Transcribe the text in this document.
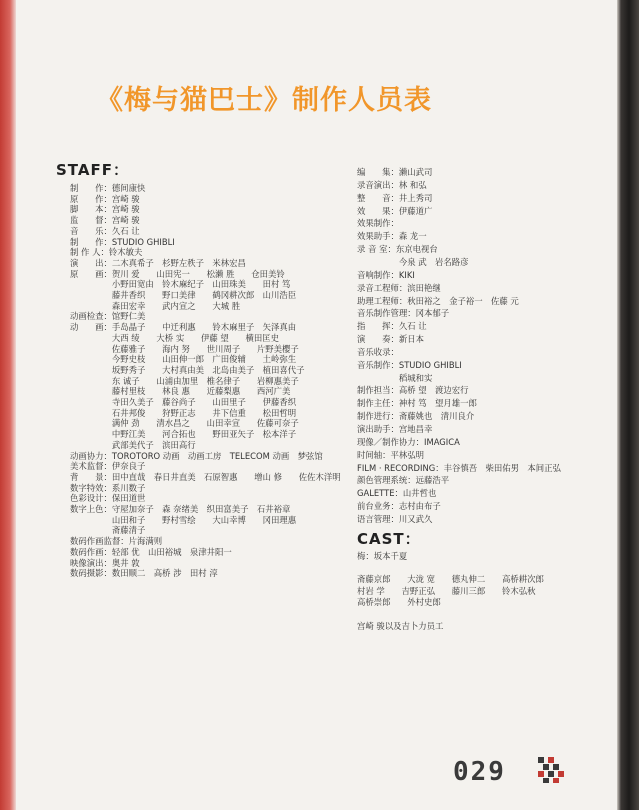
《梅与猫巴士》制作人员表
STAFF：
制　　作：德间康快
原　　作：宫崎 骏
脚　　本：宫崎 骏
监　　督：宫崎 骏
音　　乐：久石 让
制　　作：STUDIO GHIBLI
制 作 人：铃木敏夫
演　　出：二木真希子　杉野左秩子　米林宏昌
原　　画：贺川 爱　　山田宪一　　松濑 胜　　仓田美铃
　　　　　小野田宽由　铃木麻纪子　山田珠美　　田村 笃
　　　　　藤井香织　　野口美律　　鹤冈耕次郎　山川浩臣
　　　　　森田宏幸　　武内宣之　　大城 胜
动画检查：馆野仁美
动　　画：手岛晶子　　中迁利惠　　铃木麻里子　矢泽真由
　　　　　大西 绫　　大桥 实　　伊藤 望　　横田匡史
　　　　　佐藤雅子　　海内 努　　世川周子　　片野美樱子
　　　　　今野史枝　　山田伸一郎　广田俊辅　　土岭弥生
　　　　　坂野秀子　　大村真由美　北岛由美子　植田喜代子
　　　　　东 诚子　　山浦由加里　椎名律子　　岩柳惠美子
　　　　　藤村里枝　　林良 惠　　近藤梨惠　　西河广美
　　　　　寺田久美子　藤谷尚子　　山田里子　　伊藤香织
　　　　　石井邦俊　　狩野正志　　井下信重　　松田哲明
　　　　　满仲 劲　　清水昌之　　山田幸宣　　佐藤可奈子
　　　　　中野江美　　河合拓也　　野田亚矢子　松本洋子
　　　　　武部美代子　滨田高行
动画协力：TOROTORO 动画　动画工房　TELECOM 动画　梦弦馆
美术监督：伊奈良子
背　　景：田中直哉　春日井直美　石原智惠　　增山 修　　佐佐木洋明
数字特效：系川数子
色彩设计：保田道世
数字上色：守屋加奈子　森 奈绪美　织田富美子　石井裕章
　　　　　山田和子　　野村雪绘　　大山幸博　　冈田理惠
　　　　　斋藤清子
数码作画监督：片海满则
数码作画：轻部 优　山田裕城　泉津井阳一
映像演出：奥井 敦
数码摄影：数田顺二　高桥 涉　田村 淳
编　　集：濑山武司
录音演出：林 和弘
整　　音：井上秀司
效　　果：伊藤道广
效果制作：
效果助手：森 龙一
录 音 室：东京电视台
　　　　　今泉 武　岩名路彦
音响制作：KIKI
录音工程师：滨田艳继
助理工程师：秋田裕之　金子裕一　佐藤 元
音乐制作管理：冈本郁子
指　　挥：久石 让
演　　奏：新日本
音乐收录：
音乐制作：STUDIO GHIBLI
　　　　　稻城和实
制作担当：高桥 望　渡边宏行
制作主任：神村 笃　望月雄一郎
制作进行：斋藤姚也　清川良介
演出助手：宫地昌幸
现像／制作协力：IMAGICA
时间轴：平林弘明
FILM · RECORDING：丰谷慎吾　柴田佑男　本间正弘
颜色管理系统：远藤浩平
GALETTE：山井哲也
前台业务：志村由布子
语言管理：川又武久
CAST：
梅：坂本千夏
斋藤京郎　　大泷 宽　　德丸伸二　　高桥耕次郎
村岩 学　　吉野正弘　　藤川三郎　　铃木弘秋
高桥崇郎　　外村史郎
宫崎 骏以及吉卜力员工
029
